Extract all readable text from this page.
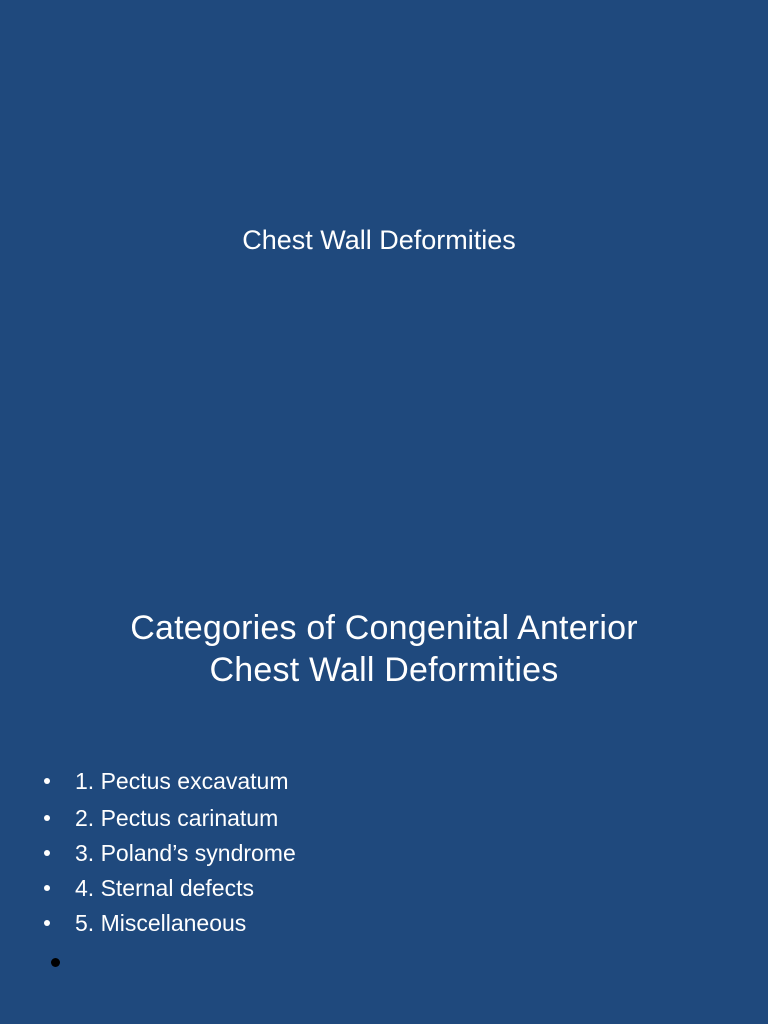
Chest Wall Deformities
Categories of Congenital Anterior
Chest Wall Deformities
1. Pectus excavatum
2. Pectus carinatum
3. Poland’s syndrome
4. Sternal defects
5. Miscellaneous
